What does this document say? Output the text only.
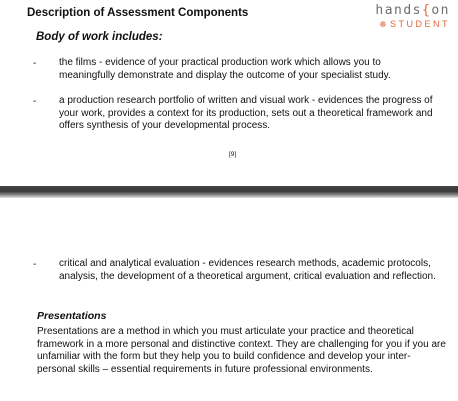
Description of Assessment Components	hands{on
☸STUDENT
Body of work includes:
- the films - evidence of your practical production work which allows you to meaningfully demonstrate and display the outcome of your specialist study.
- a production research portfolio of written and visual work - evidences the progress of your work, provides a context for its production, sets out a theoretical framework and offers synthesis of your developmental process.
[9]
- critical and analytical evaluation - evidences research methods, academic protocols, analysis, the development of a theoretical argument, critical evaluation and reflection.
Presentations
Presentations are a method in which you must articulate your practice and theoretical framework in a more personal and distinctive context. They are challenging for you if you are unfamiliar with the form but they help you to build confidence and develop your inter-personal skills – essential requirements in future professional environments.
